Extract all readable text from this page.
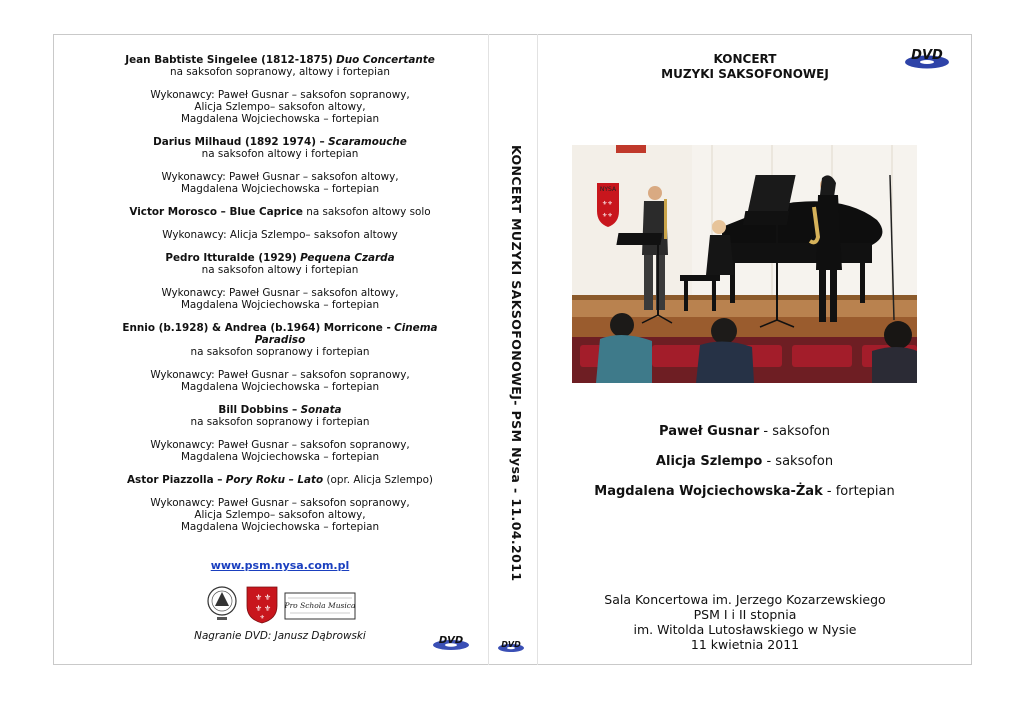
Jean Babtiste Singelee (1812-1875) Duo Concertante

na saksofon sopranowy, altowy i fortepian

Wykonawcy: Paweł Gusnar – saksofon sopranowy,

Alicja Szlempo– saksofon altowy,

Magdalena Wojciechowska – fortepian

Darius Milhaud (1892 1974) – Scaramouche

na saksofon altowy i fortepian

Wykonawcy: Paweł Gusnar – saksofon altowy,

Magdalena Wojciechowska – fortepian

Victor Morosco – Blue Caprice na saksofon altowy solo

Wykonawcy: Alicja Szlempo– saksofon altowy

Pedro Itturalde (1929) Pequena Czarda

na saksofon altowy i fortepian

Wykonawcy: Paweł Gusnar – saksofon altowy,

Magdalena Wojciechowska – fortepian

Ennio (b.1928) & Andrea (b.1964) Morricone - Cinema Paradiso

na saksofon sopranowy i fortepian

Wykonawcy: Paweł Gusnar – saksofon sopranowy,

Magdalena Wojciechowska – fortepian

Bill Dobbins – Sonata

na saksofon sopranowy i fortepian

Wykonawcy: Paweł Gusnar – saksofon sopranowy,

Magdalena Wojciechowska – fortepian

Astor Piazzolla – Pory Roku – Lato (opr. Alicja Szlempo)

Wykonawcy: Paweł Gusnar – saksofon sopranowy,

Alicja Szlempo– saksofon altowy,

Magdalena Wojciechowska – fortepian

www.psm.nysa.com.pl
⚜ ⚜
⚜ ⚜
⚜
Pro Schola Musica
Nagranie DVD: Janusz Dąbrowski	DVD	DVD
KONCERT MUZYKI SAKSOFONOWEJ- PSM Nysa - 11.04.2011
KONCERT
MUZYKI SAKSOFONOWEJ
DVD
NYSA
⚜⚜
⚜⚜
Paweł Gusnar - saksofon
Alicja Szlempo - saksofon
Magdalena Wojciechowska-Żak - fortepian
Sala Koncertowa im. Jerzego Kozarzewskiego
PSM I i II stopnia
im. Witolda Lutosławskiego w Nysie
11 kwietnia 2011
